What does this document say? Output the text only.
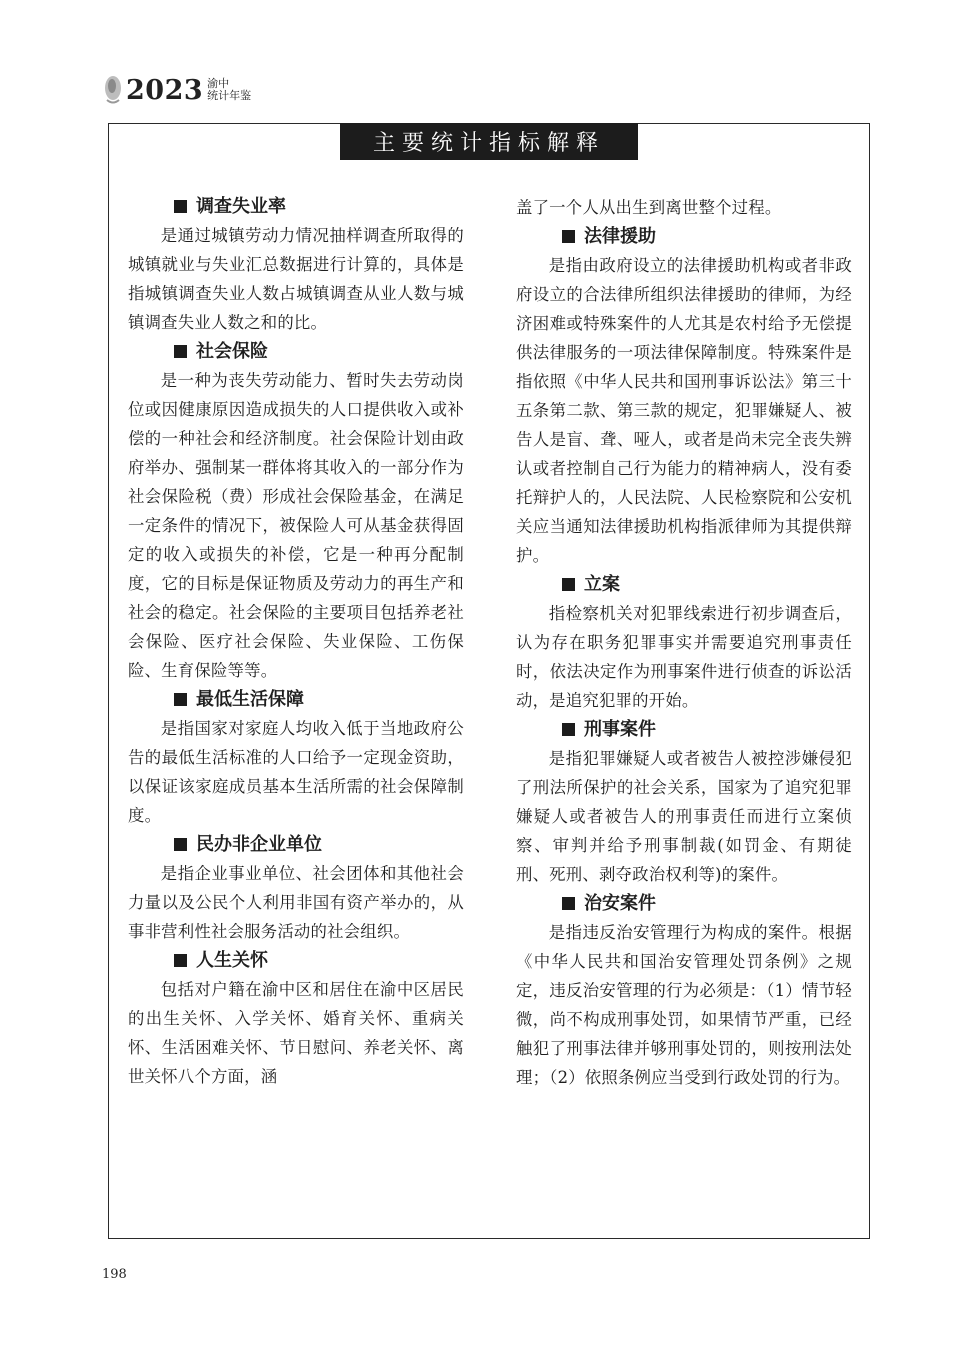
2023 渝中
统计年鉴
主要统计指标解释
调查失业率

是通过城镇劳动力情况抽样调查所取得的城镇就业与失业汇总数据进行计算的，具体是指城镇调查失业人数占城镇调查从业人数与城镇调查失业人数之和的比。

社会保险

是一种为丧失劳动能力、暂时失去劳动岗位或因健康原因造成损失的人口提供收入或补偿的一种社会和经济制度。社会保险计划由政府举办、强制某一群体将其收入的一部分作为社会保险税（费）形成社会保险基金，在满足一定条件的情况下，被保险人可从基金获得固定的收入或损失的补偿，它是一种再分配制度，它的目标是保证物质及劳动力的再生产和社会的稳定。社会保险的主要项目包括养老社会保险、医疗社会保险、失业保险、工伤保险、生育保险等等。

最低生活保障

是指国家对家庭人均收入低于当地政府公告的最低生活标准的人口给予一定现金资助，以保证该家庭成员基本生活所需的社会保障制度。

民办非企业单位

是指企业事业单位、社会团体和其他社会力量以及公民个人利用非国有资产举办的，从事非营利性社会服务活动的社会组织。

人生关怀

包括对户籍在渝中区和居住在渝中区居民的出生关怀、入学关怀、婚育关怀、重病关怀、生活困难关怀、节日慰问、养老关怀、离世关怀八个方面，涵

盖了一个人从出生到离世整个过程。

法律援助

是指由政府设立的法律援助机构或者非政府设立的合法律所组织法律援助的律师，为经济困难或特殊案件的人尤其是农村给予无偿提供法律服务的一项法律保障制度。特殊案件是指依照《中华人民共和国刑事诉讼法》第三十五条第二款、第三款的规定，犯罪嫌疑人、被告人是盲、聋、哑人，或者是尚未完全丧失辨认或者控制自己行为能力的精神病人，没有委托辩护人的，人民法院、人民检察院和公安机关应当通知法律援助机构指派律师为其提供辩护。

立案

指检察机关对犯罪线索进行初步调查后，认为存在职务犯罪事实并需要追究刑事责任时，依法决定作为刑事案件进行侦查的诉讼活动，是追究犯罪的开始。

刑事案件

是指犯罪嫌疑人或者被告人被控涉嫌侵犯了刑法所保护的社会关系，国家为了追究犯罪嫌疑人或者被告人的刑事责任而进行立案侦察、审判并给予刑事制裁(如罚金、有期徒刑、死刑、剥夺政治权利等)的案件。

治安案件

是指违反治安管理行为构成的案件。根据《中华人民共和国治安管理处罚条例》之规定，违反治安管理的行为必须是：（1）情节轻微，尚不构成刑事处罚，如果情节严重，已经触犯了刑事法律并够刑事处罚的，则按刑法处理；（2）依照条例应当受到行政处罚的行为。

198
